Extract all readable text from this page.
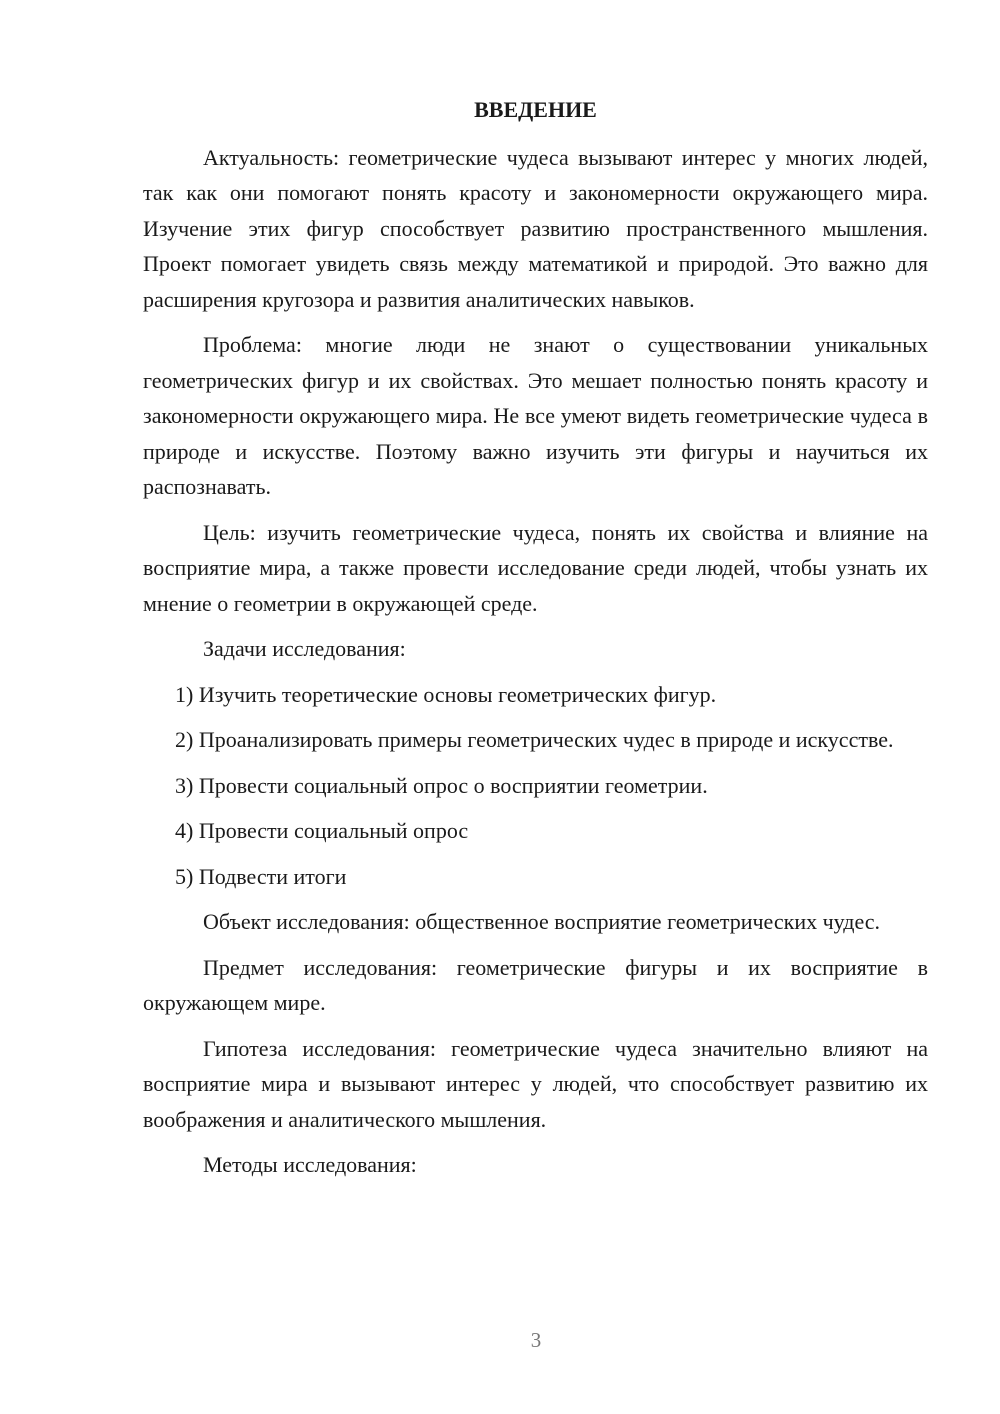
ВВЕДЕНИЕ

Актуальность: геометрические чудеса вызывают интерес у многих людей, так как они помогают понять красоту и закономерности окружающего мира. Изучение этих фигур способствует развитию пространственного мышления. Проект помогает увидеть связь между математикой и природой. Это важно для расширения кругозора и развития аналитических навыков.

Проблема: многие люди не знают о существовании уникальных геометрических фигур и их свойствах. Это мешает полностью понять красоту и закономерности окружающего мира. Не все умеют видеть геометрические чудеса в природе и искусстве. Поэтому важно изучить эти фигуры и научиться их распознавать.

Цель: изучить геометрические чудеса, понять их свойства и влияние на восприятие мира, а также провести исследование среди людей, чтобы узнать их мнение о геометрии в окружающей среде.

Задачи исследования:

1) Изучить теоретические основы геометрических фигур.

2) Проанализировать примеры геометрических чудес в природе и искусстве.

3) Провести социальный опрос о восприятии геометрии.

4) Провести социальный опрос

5) Подвести итоги

Объект исследования: общественное восприятие геометрических чудес.

Предмет исследования: геометрические фигуры и их восприятие в окружающем мире.

Гипотеза исследования: геометрические чудеса значительно влияют на восприятие мира и вызывают интерес у людей, что способствует развитию их воображения и аналитического мышления.

Методы исследования:

3
